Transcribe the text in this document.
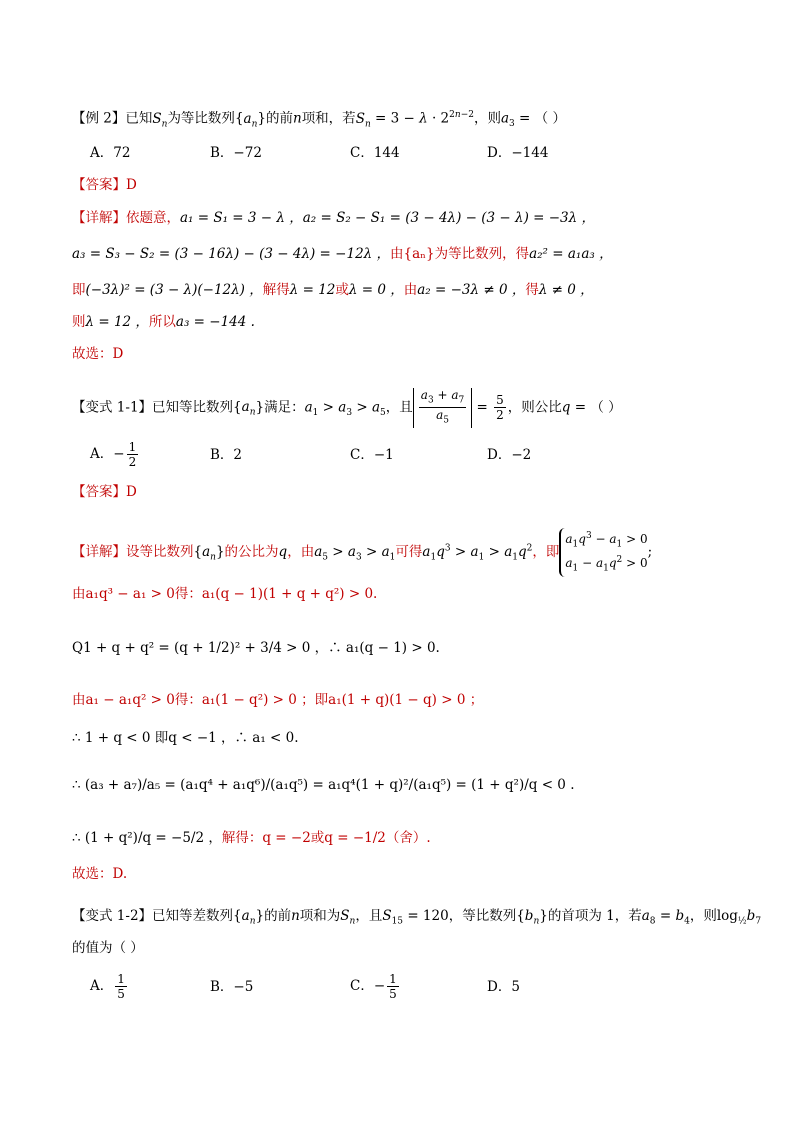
【例 2】已知$S_n$为等比数列$\{a_n\}$的前n项和，若$S_n = 3 - \lambda \cdot 2^{2n-2}$，则$a_3$ = （ ）
A．72	B．−72	C．144	D．−144
【答案】D
【详解】依题意，a₁ = S₁ = 3 − λ ，a₂ = S₂ − S₁ = (3 − 4λ) − (3 − λ) = −3λ ，
a₃ = S₃ − S₂ = (3 − 16λ) − (3 − 4λ) = −12λ ，由{aₙ}为等比数列，得a₂² = a₁a₃ ，
即(−3λ)² = (3 − λ)(−12λ) ，解得λ = 12或λ = 0 ，由a₂ = −3λ ≠ 0 ，得λ ≠ 0 ，
则λ = 12 ，所以a₃ = −144 .
故选：D
【变式 1-1】已知等比数列$\{a_n\}$满足：$a_1 > a_3 > a_5$，且 $\frac{a_3 + a_7}{a_5} = \frac{5}{2}$ ，则公比q = （ ）
A．− $\frac{1}{2}$	B．2	C．−1	D．−2
【答案】D
【详解】设等比数列$\{a_n\}$的公比为q，由$a_5 > a_3 > a_1$可得$a_1q^3 > a_1 > a_1q^2$，即
$a_1q^3 - a_1 > 0$
$a_1 - a_1q^2 > 0$
;
由a₁q³ − a₁ > 0得：a₁(q − 1)(1 + q + q²) > 0.
Q1 + q + q² = (q + 1/2)² + 3/4 > 0 ，∴ a₁(q − 1) > 0.
由a₁ − a₁q² > 0得：a₁(1 − q²) > 0 ；即a₁(1 + q)(1 − q) > 0 ；
∴ 1 + q < 0 即q < −1 ，∴ a₁ < 0.
∴ (a₃ + a₇)/a₅ = (a₁q⁴ + a₁q⁶)/(a₁q⁵) = a₁q⁴(1 + q)²/(a₁q⁵) = (1 + q²)/q < 0 .
∴ (1 + q²)/q = −5/2 ，解得：q = −2或q = −1/2（舍）.
故选：D.
【变式 1-2】已知等差数列$\{a_n\}$的前n项和为$S_n$，且$S_{15} = 120$，等比数列$\{b_n\}$的首项为 1，若$a_8 = b_4$，则$\log_{\frac{1}{2}}b_7$
的值为（ ）
A． $\frac{1}{5}$	B．−5	C．− $\frac{1}{5}$	D．5
